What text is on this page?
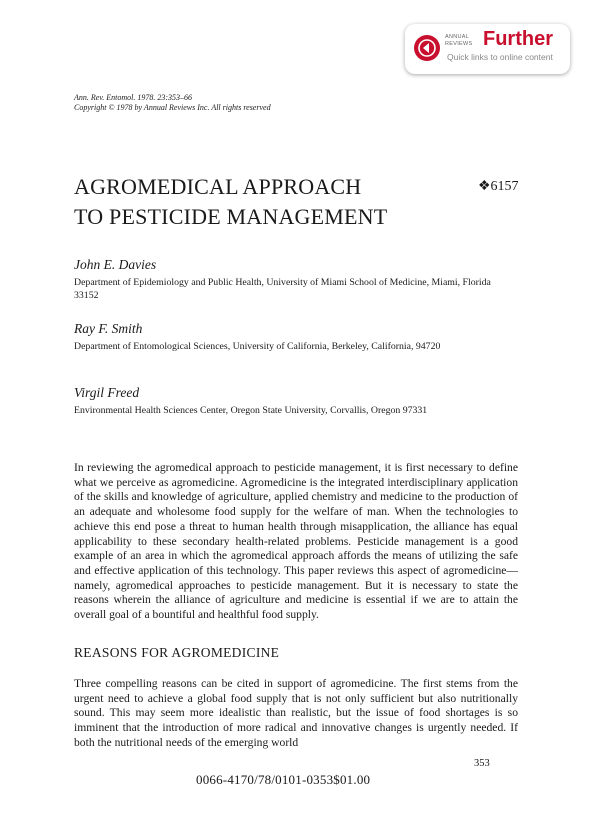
ANNUAL
REVIEWS Further
Quick links to online content
Ann. Rev. Entomol. 1978. 23:353–66
Copyright © 1978 by Annual Reviews Inc. All rights reserved
AGROMEDICAL APPROACH
TO PESTICIDE MANAGEMENT
❖6157
John E. Davies
Department of Epidemiology and Public Health, University of Miami School of Medicine, Miami, Florida 33152
Ray F. Smith
Department of Entomological Sciences, University of California, Berkeley, California, 94720
Virgil Freed
Environmental Health Sciences Center, Oregon State University, Corvallis, Oregon 97331
In reviewing the agromedical approach to pesticide management, it is first necessary to define what we perceive as agromedicine. Agromedicine is the integrated interdisciplinary application of the skills and knowledge of agriculture, applied chemistry and medicine to the production of an adequate and wholesome food supply for the welfare of man. When the technologies to achieve this end pose a threat to human health through misapplication, the alliance has equal applicability to these secondary health-related problems. Pesticide management is a good example of an area in which the agromedical approach affords the means of utilizing the safe and effective application of this technology. This paper reviews this aspect of agromedicine—namely, agromedical approaches to pesticide management. But it is necessary to state the reasons wherein the alliance of agriculture and medicine is essential if we are to attain the overall goal of a bountiful and healthful food supply.
REASONS FOR AGROMEDICINE
Three compelling reasons can be cited in support of agromedicine. The first stems from the urgent need to achieve a global food supply that is not only sufficient but also nutritionally sound. This may seem more idealistic than realistic, but the issue of food shortages is so imminent that the introduction of more radical and innovative changes is urgently needed. If both the nutritional needs of the emerging world
353
0066-4170/78/0101-0353$01.00
